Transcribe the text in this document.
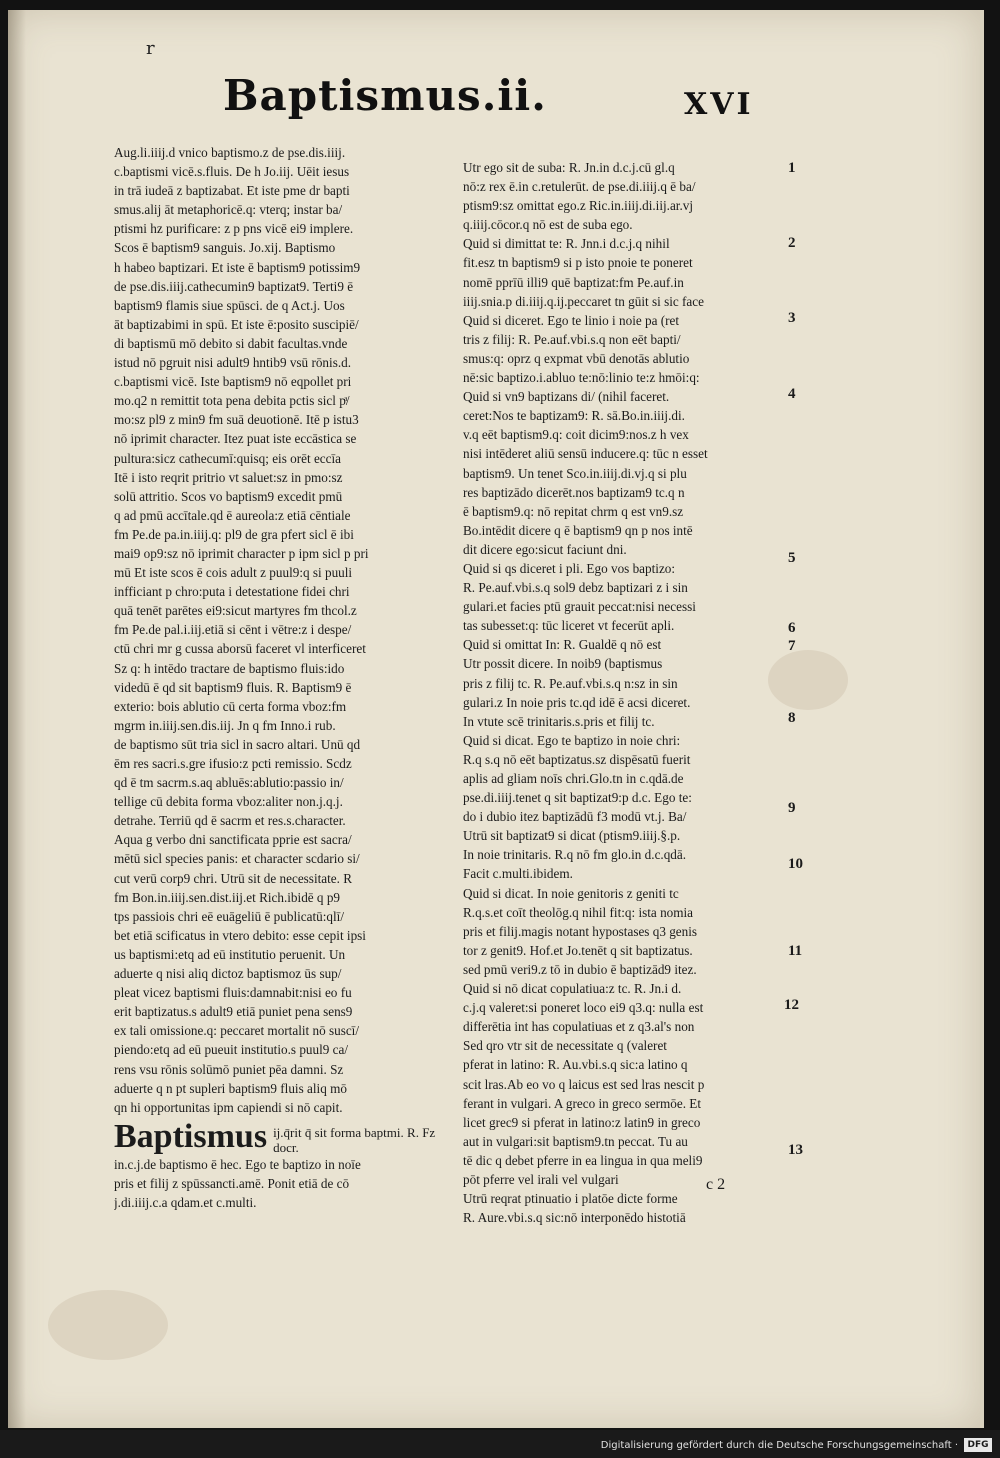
r
Baptismus.ii.	XVI
Aug.li.iiij.d vnico baptismo.z de pse.dis.iiij.
c.baptismi vicē.s.fluis. De h Jo.iij. Uēit iesus
in trā iudeā z baptizabat. Et iste pme dr bapti
smus.alij āt metaphoricē.q: vterq; instar ba/
ptismi hz purificare: z p pns vicē ei9 implere.
Scos ē baptism9 sanguis. Jo.xij. Baptismo
h habeo baptizari. Et iste ē baptism9 potissim9
de pse.dis.iiij.cathecumin9 baptizat9. Terti9 ē
baptism9 flamis siue spūsci. de q Act.j. Uos
āt baptizabimi in spū. Et iste ē:posito suscipiē/
di baptismū mō debito si dabit facultas.vnde
istud nō pgruit nisi adult9 hntib9 vsū rōnis.d.
c.baptismi vicē. Iste baptism9 nō eqpollet pri
mo.q2 n remittit tota pena debita pctis sicl pͣ/
mo:sz pl9 z min9 fm suā deuotionē. Itē p istu3
nō iprimit character. Itez puat iste eccāstica se
pultura:sicz cathecumī:quisq; eis orēt eccīa
Itē i isto reqrit pritrio vt saluet:sz in pmo:sz
solū attritio. Scos vo baptism9 excedit pmū
q ad pmū accītale.qd ē aureola:z etiā cēntiale
fm Pe.de pa.in.iiij.q: pl9 de gra pfert sicl ē ibi
mai9 op9:sz nō iprimit character p ipm sicl p pri
mū Et iste scos ē cois adult z puul9:q si puuli
infficiant p chro:puta i detestatione fidei chri
quā tenēt parētes ei9:sicut martyres fm thcol.z
fm Pe.de pal.i.iij.etiā si cēnt i vētre:z i despe/
ctū chri mr g cussa aborsū faceret vl interficeret
Sz q: h intēdo tractare de baptismo fluis:ido
videdū ē qd sit baptism9 fluis. R. Baptism9 ē
exterio: bois ablutio cū certa forma vboz:fm
mgrm in.iiij.sen.dis.iij. Jn q fm Inno.i rub.
de baptismo sūt tria sicl in sacro altari. Unū qd
ēm res sacri.s.gre ifusio:z pcti remissio. Scdz
qd ē tm sacrm.s.aq abluēs:ablutio:passio in/
tellige cū debita forma vboz:aliter non.j.q.j.
detrahe. Terriū qd ē sacrm et res.s.character.
Aqua g verbo dni sanctificata pprie est sacra/
mētū sicl species panis: et character scdario si/
cut verū corp9 chri. Utrū sit de necessitate. R
fm Bon.in.iiij.sen.dist.iij.et Rich.ibidē q p9
tps passiois chri eē euāgeliū ē publicatū:qlī/
bet etiā scificatus in vtero debito: esse cepit ipsi
us baptismi:etq ad eū institutio peruenit. Un
aduerte q nisi aliq dictoz baptismoz ūs sup/
pleat vicez baptismi fluis:damnabit:nisi eo fu
erit baptizatus.s adult9 etiā puniet pena sens9
ex tali omissione.q: peccaret mortalit nō suscī/
piendo:etq ad eū pueuit institutio.s puul9 ca/
rens vsu rōnis solūmō puniet pēa damni. Sz
aduerte q n pt supleri baptism9 fluis aliq mō
qn hi opportunitas ipm capiendi si nō capit.
Baptismus ij.q̄rit q̄ sit forma baptmi. R. Fz docr.
in.c.j.de baptismo ē hec. Ego te baptizo in noīe
pris et filij z spūssancti.amē. Ponit etiā de cō
j.di.iiij.c.a qdam.et c.multi.
Utr ego sit de suba: R. Jn.in d.c.j.cū gl.q
nō:z rex ē.in c.retulerūt. de pse.di.iiij.q ē ba/
ptism9:sz omittat ego.z Ric.in.iiij.di.iij.ar.vj
q.iiij.cōcor.q nō est de suba ego.
Quid si dimittat te: R. Jnn.i d.c.j.q nihil
fit.esz tn baptism9 si p isto pnoie te poneret
nomē pprīū illi9 quē baptizat:fm Pe.auf.in
iiij.snia.p di.iiij.q.ij.peccaret tn gūit si sic face
Quid si diceret. Ego te linio i noie pa (ret
tris z filij: R. Pe.auf.vbi.s.q non eēt bapti/
smus:q: oprz q expmat vbū denotās ablutio
nē:sic baptizo.i.abluo te:nō:linio te:z hmōi:q:
Quid si vn9 baptizans di/ (nihil faceret.
ceret:Nos te baptizam9: R. sā.Bo.in.iiij.di.
v.q eēt baptism9.q: coit dicim9:nos.z h vex
nisi intēderet aliū sensū inducere.q: tūc n esset
baptism9. Un tenet Sco.in.iiij.di.vj.q si plu
res baptizādo dicerēt.nos baptizam9 tc.q n
ē baptism9.q: nō repitat chrm q est vn9.sz
Bo.intēdit dicere q ē baptism9 qn p nos intē
dit dicere ego:sicut faciunt dni.
Quid si qs diceret i pli. Ego vos baptizo:
R. Pe.auf.vbi.s.q sol9 debz baptizari z i sin
gulari.et facies ptū grauit peccat:nisi necessi
tas subesset:q: tūc liceret vt fecerūt apli.
Quid si omittat In: R. Gualdē q nō est
Utr possit dicere. In noib9 (baptismus
pris z filij tc. R. Pe.auf.vbi.s.q n:sz in sin
gulari.z In noie pris tc.qd idē ē acsi diceret.
In vtute scē trinitaris.s.pris et filij tc.
Quid si dicat. Ego te baptizo in noie chri:
R.q s.q nō eēt baptizatus.sz dispēsatū fuerit
aplis ad gliam noīs chri.Glo.tn in c.qdā.de
pse.di.iiij.tenet q sit baptizat9:p d.c. Ego te:
do i dubio itez baptizādū f3 modū vt.j. Ba/
Utrū sit baptizat9 si dicat (ptism9.iiij.§.p.
In noie trinitaris. R.q nō fm glo.in d.c.qdā.
Facit c.multi.ibidem.
Quid si dicat. In noie genitoris z geniti tc
R.q.s.et coīt theolōg.q nihil fit:q: ista nomia
pris et filij.magis notant hypostases q3 genis
tor z genit9. Hof.et Jo.tenēt q sit baptizatus.
sed pmū veri9.z tō in dubio ē baptizād9 itez.
Quid si nō dicat copulatiua:z tc. R. Jn.i d.
c.j.q valeret:si poneret loco ei9 q3.q: nulla est
differētia int has copulatiuas et z q3.al's non
Sed qro vtr sit de necessitate q (valeret
pferat in latino: R. Au.vbi.s.q sic:a latino q
scit lras.Ab eo vo q laicus est sed lras nescit p
ferant in vulgari. A greco in greco sermōe. Et
licet grec9 si pferat in latino:z latin9 in greco
aut in vulgari:sit baptism9.tn peccat. Tu au
tē dic q debet pferre in ea lingua in qua meli9
pōt pferre vel irali vel vulgari
Utrū reqrat ptinuatio i platōe dicte forme
R. Aure.vbi.s.q sic:nō interponēdo histotiā
1
2
3
4
5
6
7
8
9
10
11
12
13
c 2
Digitalisierung gefördert durch die Deutsche Forschungsgemeinschaft ·	DFG
